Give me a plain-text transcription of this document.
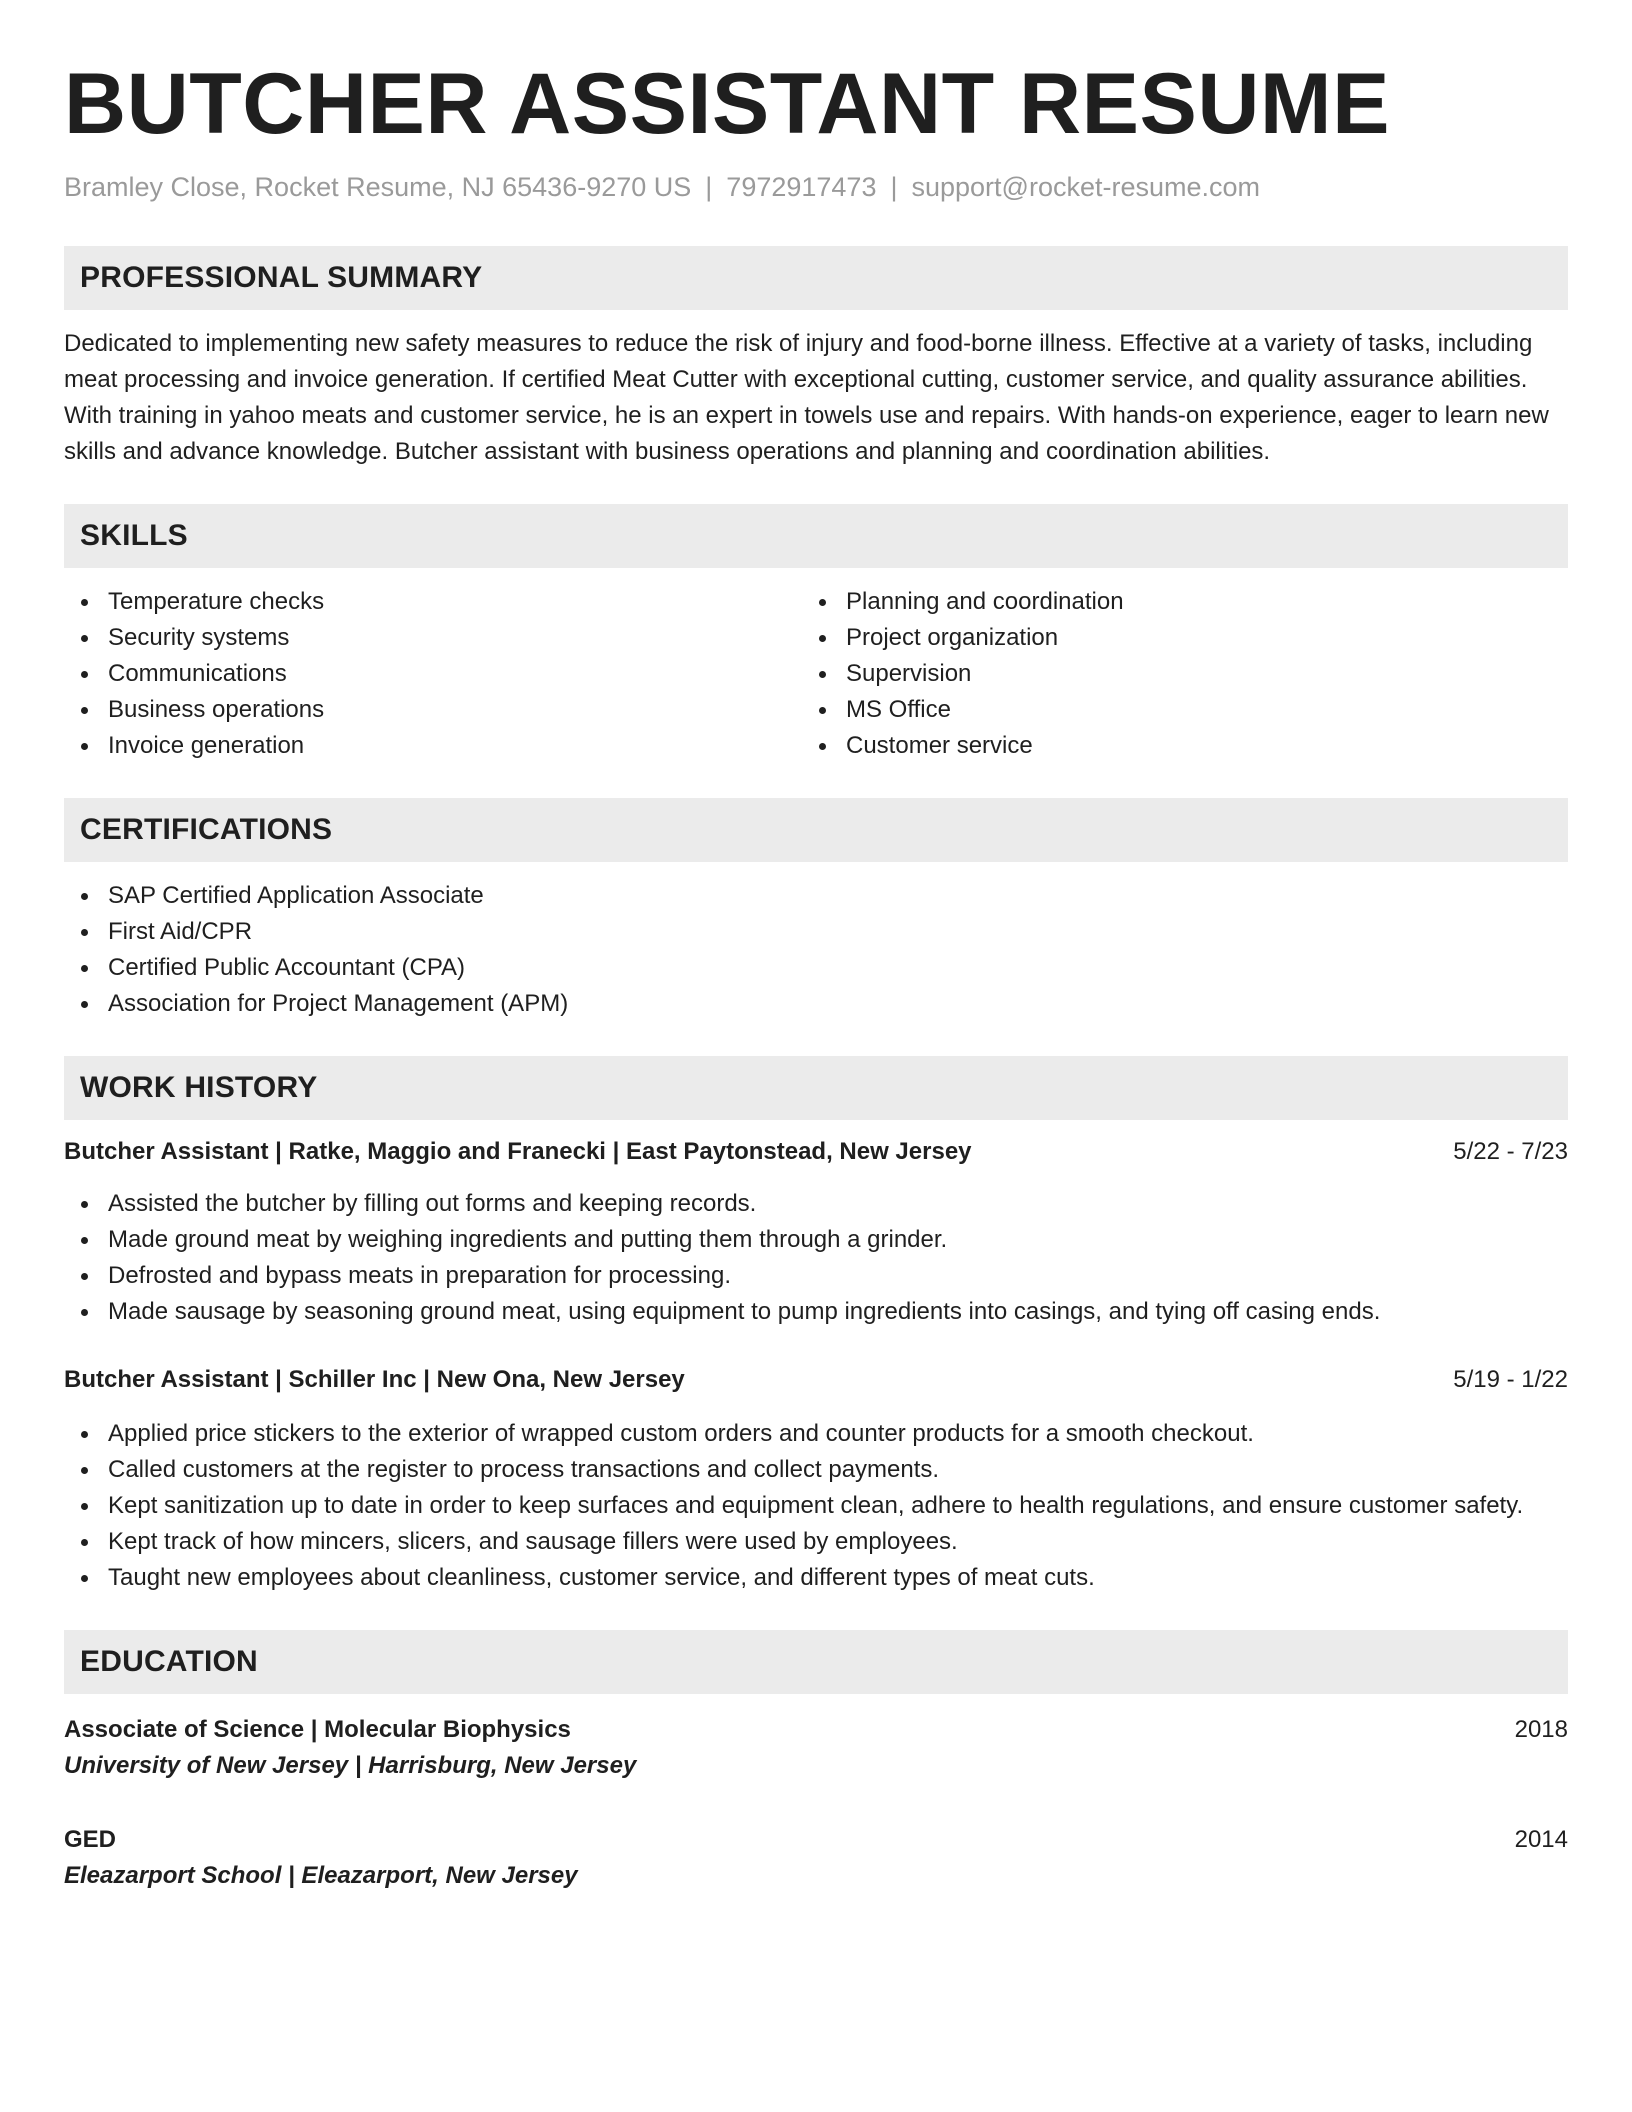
BUTCHER ASSISTANT RESUME
Bramley Close, Rocket Resume, NJ 65436-9270 US | 7972917473 | support@rocket-resume.com
PROFESSIONAL SUMMARY

Dedicated to implementing new safety measures to reduce the risk of injury and food-borne illness. Effective at a variety of tasks, including meat processing and invoice generation. If certified Meat Cutter with exceptional cutting, customer service, and quality assurance abilities. With training in yahoo meats and customer service, he is an expert in towels use and repairs. With hands-on experience, eager to learn new skills and advance knowledge. Butcher assistant with business operations and planning and coordination abilities.

SKILLS
Temperature checks
Security systems
Communications
Business operations
Invoice generation
Planning and coordination
Project organization
Supervision
MS Office
Customer service
CERTIFICATIONS
SAP Certified Application Associate
First Aid/CPR
Certified Public Accountant (CPA)
Association for Project Management (APM)
WORK HISTORY
Butcher Assistant | Ratke, Maggio and Franecki | East Paytonstead, New Jersey	5/22 - 7/23
Assisted the butcher by filling out forms and keeping records.
Made ground meat by weighing ingredients and putting them through a grinder.
Defrosted and bypass meats in preparation for processing.
Made sausage by seasoning ground meat, using equipment to pump ingredients into casings, and tying off casing ends.
Butcher Assistant | Schiller Inc | New Ona, New Jersey	5/19 - 1/22
Applied price stickers to the exterior of wrapped custom orders and counter products for a smooth checkout.
Called customers at the register to process transactions and collect payments.
Kept sanitization up to date in order to keep surfaces and equipment clean, adhere to health regulations, and ensure customer safety.
Kept track of how mincers, slicers, and sausage fillers were used by employees.
Taught new employees about cleanliness, customer service, and different types of meat cuts.
EDUCATION
Associate of Science | Molecular Biophysics	2018
University of New Jersey | Harrisburg, New Jersey
GED	2014
Eleazarport School | Eleazarport, New Jersey
